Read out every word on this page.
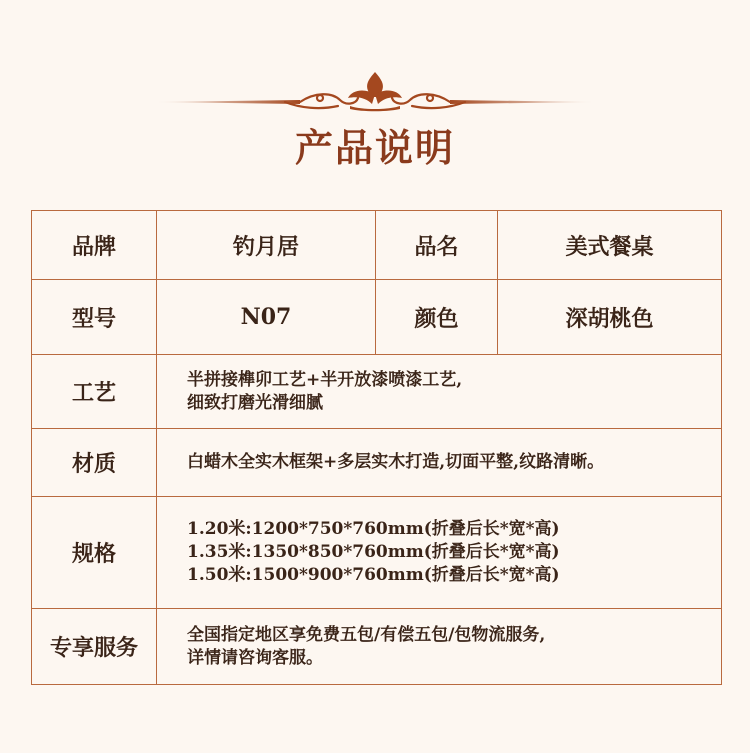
产品说明
品牌	钓月居	品名	美式餐桌
型号	N07	颜色	深胡桃色
工艺	半拼接榫卯工艺+半开放漆喷漆工艺,
细致打磨光滑细腻		

材质	白蜡木全实木框架+多层实木打造,切面平整,纹路清晰。		

规格	1.20米:1200*750*760mm(折叠后长*宽*高)
1.35米:1350*850*760mm(折叠后长*宽*高)
1.50米:1500*900*760mm(折叠后长*宽*高)		

专享服务	全国指定地区享免费五包/有偿五包/包物流服务,
详情请咨询客服。		
